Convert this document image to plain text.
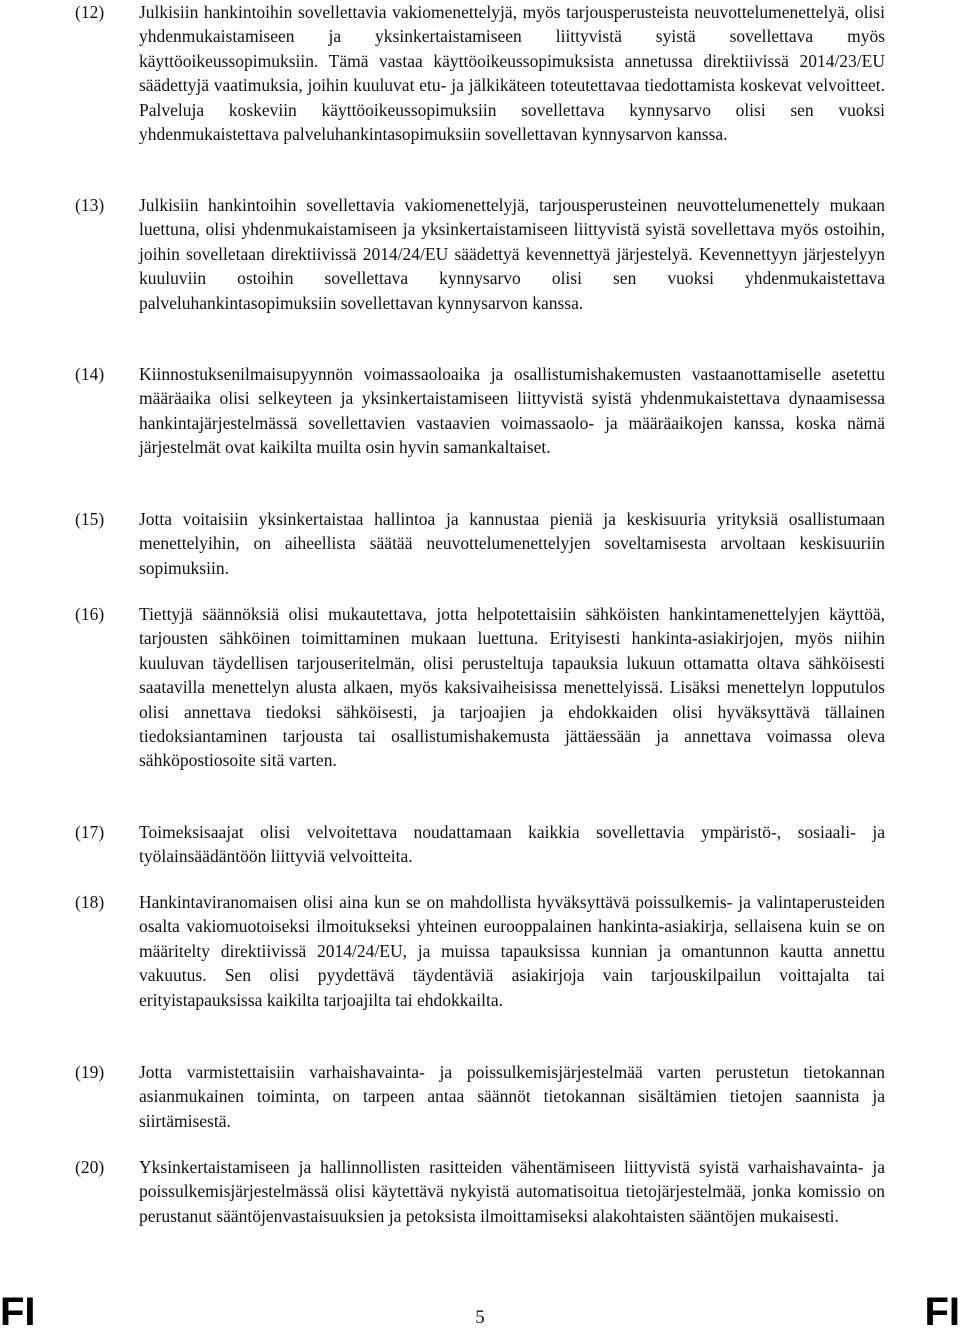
(12) Julkisiin hankintoihin sovellettavia vakiomenettelyjä, myös tarjousperusteista neuvottelumenettelyä, olisi yhdenmukaistamiseen ja yksinkertaistamiseen liittyvistä syistä sovellettava myös käyttöoikeussopimuksiin. Tämä vastaa käyttöoikeussopimuksista annetussa direktiivissä 2014/23/EU säädettyjä vaatimuksia, joihin kuuluvat etu- ja jälkikäteen toteutettavaa tiedottamista koskevat velvoitteet. Palveluja koskeviin käyttöoikeussopimuksiin sovellettava kynnysarvo olisi sen vuoksi yhdenmukaistettava palveluhankintasopimuksiin sovellettavan kynnysarvon kanssa.
(13) Julkisiin hankintoihin sovellettavia vakiomenettelyjä, tarjousperusteinen neuvottelumenettely mukaan luettuna, olisi yhdenmukaistamiseen ja yksinkertaistamiseen liittyvistä syistä sovellettava myös ostoihin, joihin sovelletaan direktiivissä 2014/24/EU säädettyä kevennettyä järjestelyä. Kevennettyyn järjestelyyn kuuluviin ostoihin sovellettava kynnysarvo olisi sen vuoksi yhdenmukaistettava palveluhankintasopimuksiin sovellettavan kynnysarvon kanssa.
(14) Kiinnostuksenilmaisupyynnön voimassaoloaika ja osallistumishakemusten vastaanottamiselle asetettu määräaika olisi selkeyteen ja yksinkertaistamiseen liittyvistä syistä yhdenmukaistettava dynaamisessa hankintajärjestelmässä sovellettavien vastaavien voimassaolo- ja määräaikojen kanssa, koska nämä järjestelmät ovat kaikilta muilta osin hyvin samankaltaiset.
(15) Jotta voitaisiin yksinkertaistaa hallintoa ja kannustaa pieniä ja keskisuuria yrityksiä osallistumaan menettelyihin, on aiheellista säätää neuvottelumenettelyjen soveltamisesta arvoltaan keskisuuriin sopimuksiin.
(16) Tiettyjä säännöksiä olisi mukautettava, jotta helpotettaisiin sähköisten hankintamenettelyjen käyttöä, tarjousten sähköinen toimittaminen mukaan luettuna. Erityisesti hankinta-asiakirjojen, myös niihin kuuluvan täydellisen tarjouseritelmän, olisi perusteltuja tapauksia lukuun ottamatta oltava sähköisesti saatavilla menettelyn alusta alkaen, myös kaksivaiheisissa menettelyissä. Lisäksi menettelyn lopputulos olisi annettava tiedoksi sähköisesti, ja tarjoajien ja ehdokkaiden olisi hyväksyttävä tällainen tiedoksiantaminen tarjousta tai osallistumishakemusta jättäessään ja annettava voimassa oleva sähköpostiosoite sitä varten.
(17) Toimeksisaajat olisi velvoitettava noudattamaan kaikkia sovellettavia ympäristö-, sosiaali- ja työlainsäädäntöön liittyviä velvoitteita.
(18) Hankintaviranomaisen olisi aina kun se on mahdollista hyväksyttävä poissulkemis- ja valintaperusteiden osalta vakiomuotoiseksi ilmoitukseksi yhteinen eurooppalainen hankinta-asiakirja, sellaisena kuin se on määritelty direktiivissä 2014/24/EU, ja muissa tapauksissa kunnian ja omantunnon kautta annettu vakuutus. Sen olisi pyydettävä täydentäviä asiakirjoja vain tarjouskilpailun voittajalta tai erityistapauksissa kaikilta tarjoajilta tai ehdokkailta.
(19) Jotta varmistettaisiin varhaishavainta- ja poissulkemisjärjestelmää varten perustetun tietokannan asianmukainen toiminta, on tarpeen antaa säännöt tietokannan sisältämien tietojen saannista ja siirtämisestä.
(20) Yksinkertaistamiseen ja hallinnollisten rasitteiden vähentämiseen liittyvistä syistä varhaishavainta- ja poissulkemisjärjestelmässä olisi käytettävä nykyistä automatisoitua tietojärjestelmää, jonka komissio on perustanut sääntöjenvastaisuuksien ja petoksista ilmoittamiseksi alakohtaisten sääntöjen mukaisesti.
FI	5	FI
